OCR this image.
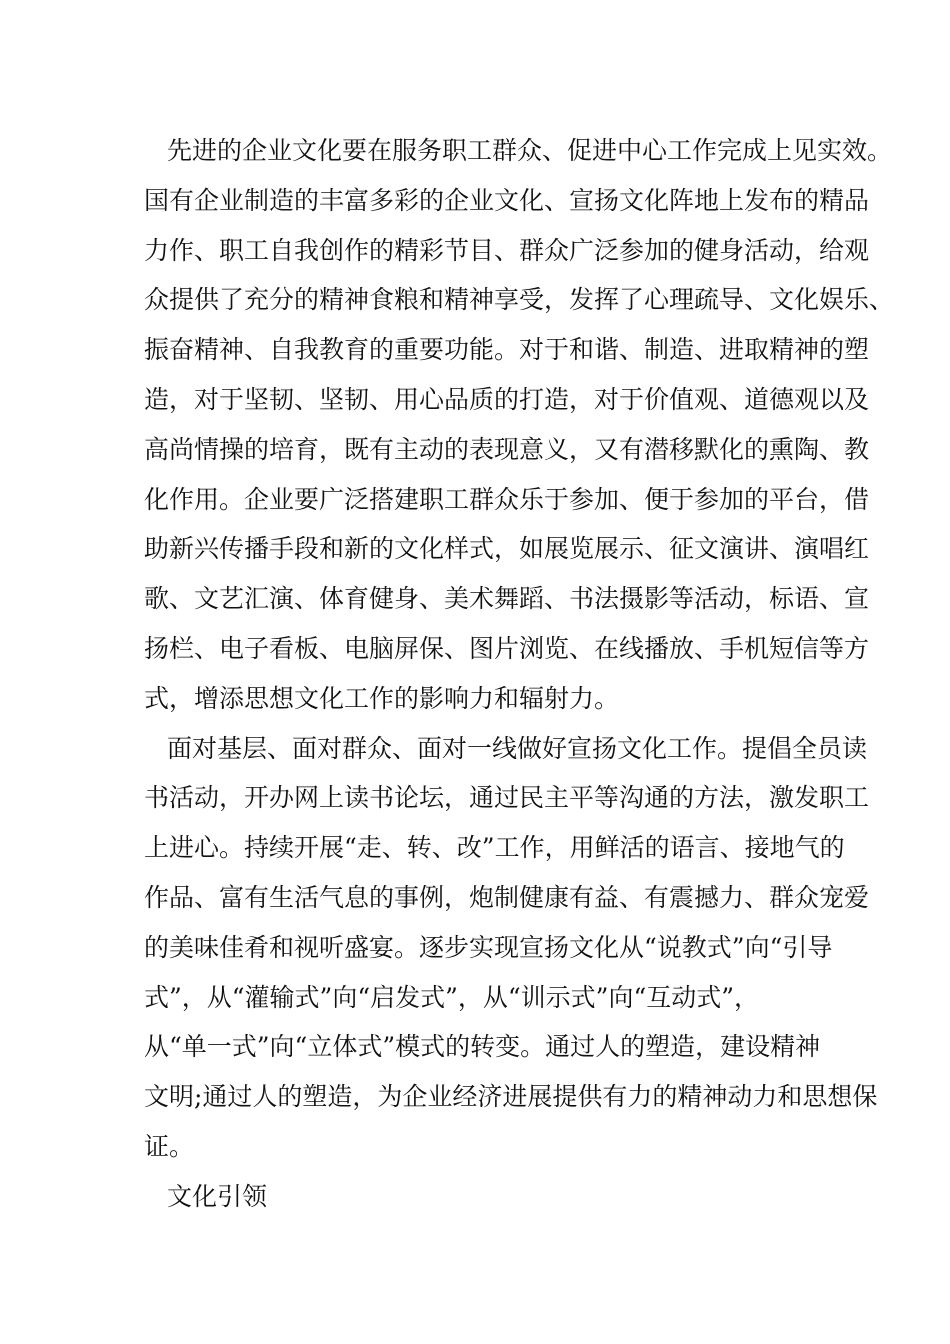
先进的企业文化要在服务职工群众、促进中心工作完成上见实效。
国有企业制造的丰富多彩的企业文化、宣扬文化阵地上发布的精品
力作、职工自我创作的精彩节目、群众广泛参加的健身活动，给观
众提供了充分的精神食粮和精神享受，发挥了心理疏导、文化娱乐、
振奋精神、自我教育的重要功能。对于和谐、制造、进取精神的塑
造，对于坚韧、坚韧、用心品质的打造，对于价值观、道德观以及
高尚情操的培育，既有主动的表现意义，又有潜移默化的熏陶、教
化作用。企业要广泛搭建职工群众乐于参加、便于参加的平台，借
助新兴传播手段和新的文化样式，如展览展示、征文演讲、演唱红
歌、文艺汇演、体育健身、美术舞蹈、书法摄影等活动，标语、宣
扬栏、电子看板、电脑屏保、图片浏览、在线播放、手机短信等方
式，增添思想文化工作的影响力和辐射力。
面对基层、面对群众、面对一线做好宣扬文化工作。提倡全员读
书活动，开办网上读书论坛，通过民主平等沟通的方法，激发职工
上进心。持续开展“走、转、改”工作，用鲜活的语言、接地气的
作品、富有生活气息的事例，炮制健康有益、有震撼力、群众宠爱
的美味佳肴和视听盛宴。逐步实现宣扬文化从“说教式”向“引导
式”，从“灌输式”向“启发式”，从“训示式”向“互动式”，
从“单一式”向“立体式”模式的转变。通过人的塑造，建设精神
文明;通过人的塑造，为企业经济进展提供有力的精神动力和思想保
证。
文化引领
